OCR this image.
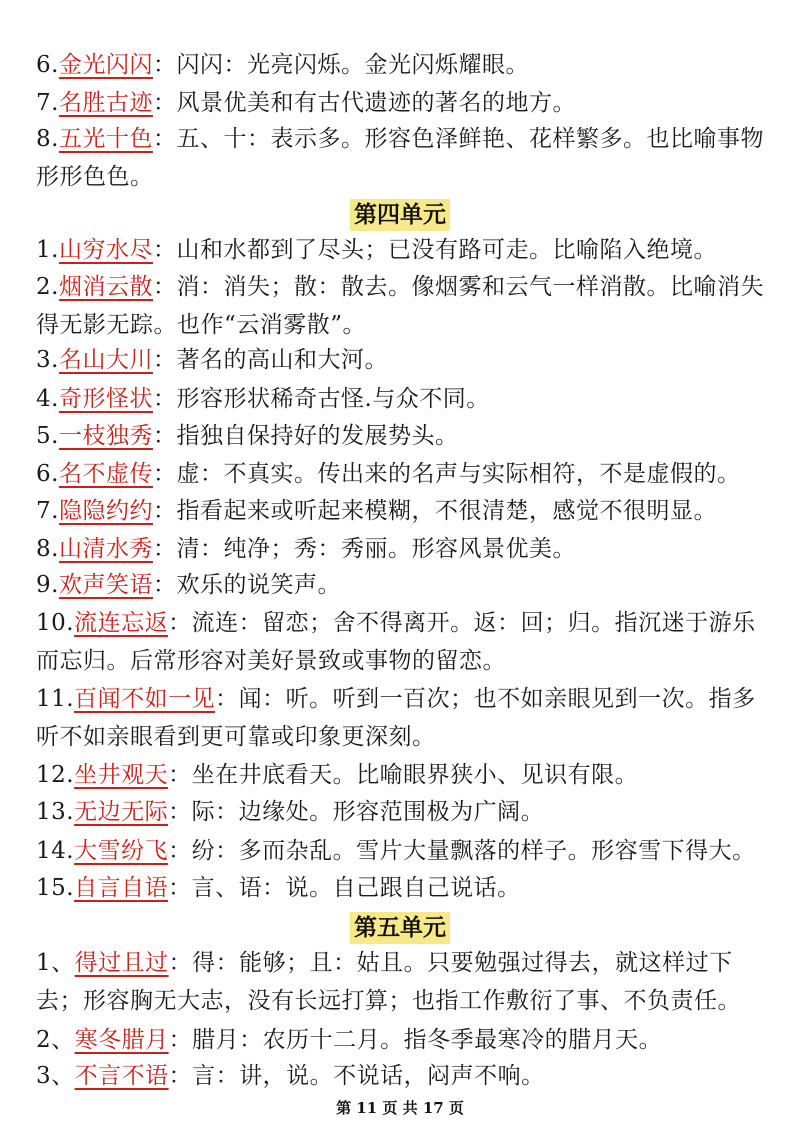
6.金光闪闪：闪闪：光亮闪烁。金光闪烁耀眼。
7.名胜古迹：风景优美和有古代遗迹的著名的地方。
8.五光十色：五、十：表示多。形容色泽鲜艳、花样繁多。也比喻事物形形色色。
第四单元
1.山穷水尽：山和水都到了尽头；已没有路可走。比喻陷入绝境。
2.烟消云散：消：消失；散：散去。像烟雾和云气一样消散。比喻消失得无影无踪。也作“云消雾散”。
3.名山大川：著名的高山和大河。
4.奇形怪状：形容形状稀奇古怪.与众不同。
5.一枝独秀：指独自保持好的发展势头。
6.名不虚传：虚：不真实。传出来的名声与实际相符，不是虚假的。
7.隐隐约约：指看起来或听起来模糊，不很清楚，感觉不很明显。
8.山清水秀：清：纯净；秀：秀丽。形容风景优美。
9.欢声笑语：欢乐的说笑声。
10.流连忘返：流连：留恋；舍不得离开。返：回；归。指沉迷于游乐而忘归。后常形容对美好景致或事物的留恋。
11.百闻不如一见：闻：听。听到一百次；也不如亲眼见到一次。指多听不如亲眼看到更可靠或印象更深刻。
12.坐井观天：坐在井底看天。比喻眼界狭小、见识有限。
13.无边无际：际：边缘处。形容范围极为广阔。
14.大雪纷飞：纷：多而杂乱。雪片大量飘落的样子。形容雪下得大。
15.自言自语：言、语：说。自己跟自己说话。
第五单元
1、得过且过：得：能够；且：姑且。只要勉强过得去，就这样过下去；形容胸无大志，没有长远打算；也指工作敷衍了事、不负责任。
2、寒冬腊月：腊月：农历十二月。指冬季最寒冷的腊月天。
3、不言不语：言：讲，说。不说话，闷声不响。
第 11 页 共 17 页
